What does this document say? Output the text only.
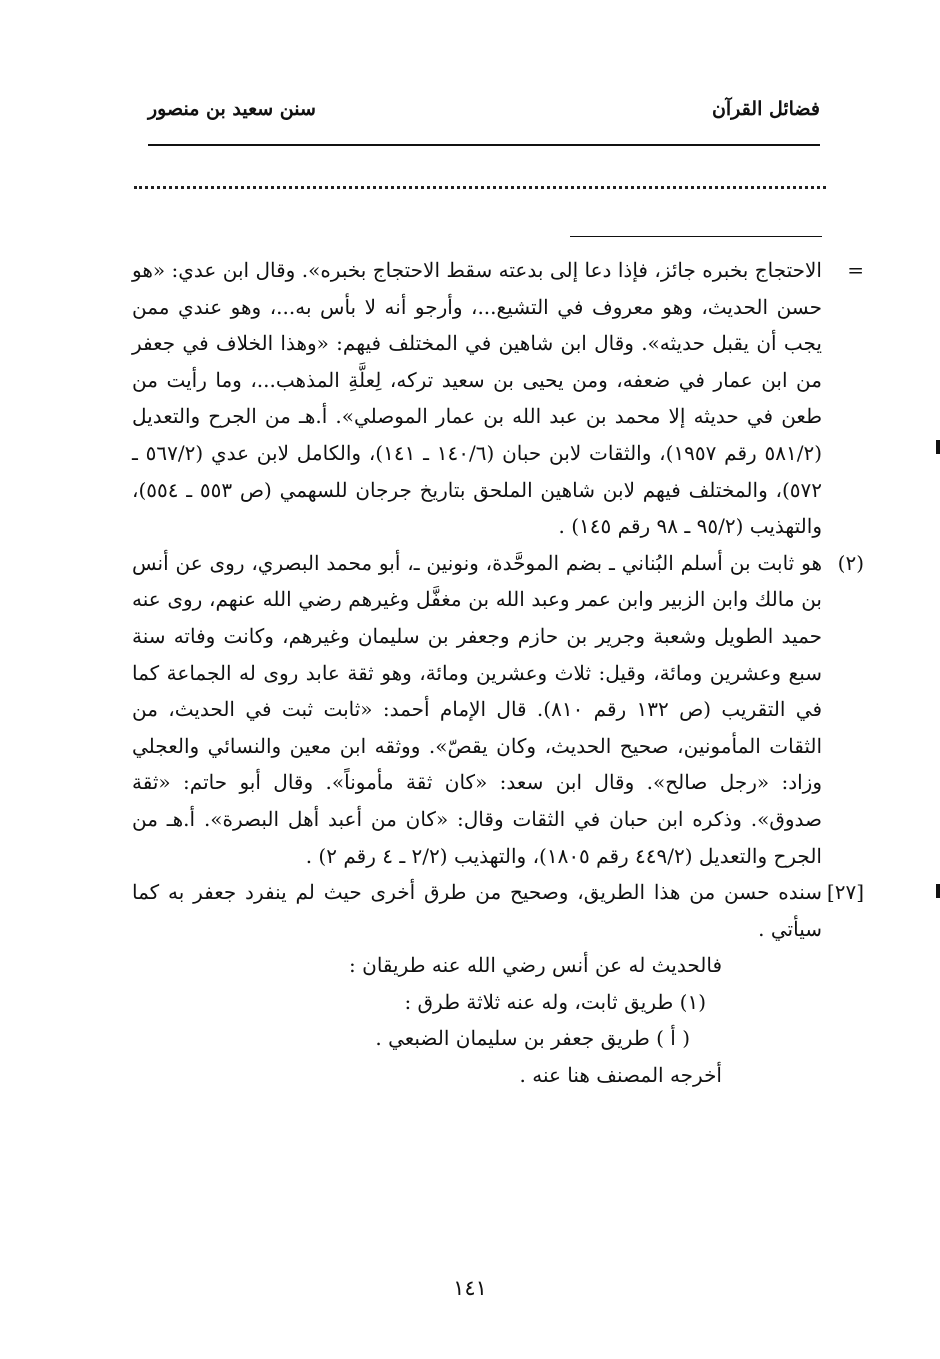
فضائل القرآن
سنن سعيد بن منصور

=
الاحتجاج بخبره جائز، فإذا دعا إلى بدعته سقط الاحتجاج بخبره». وقال ابن عدي: «هو حسن الحديث، وهو معروف في التشيع...، وأرجو أنه لا بأس به...، وهو عندي ممن يجب أن يقبل حديثه». وقال ابن شاهين في المختلف فيهم: «وهذا الخلاف في جعفر من ابن عمار في ضعفه، ومن يحيى بن سعيد تركه، لِعلَّةِ المذهب...، وما رأيت من طعن في حديثه إلا محمد بن عبد الله بن عمار الموصلي». أ.هـ من الجرح والتعديل (٥٨١/٢ رقم ١٩٥٧)، والثقات لابن حبان (١٤٠/٦ ـ ١٤١)، والكامل لابن عدي (٥٦٧/٢ ـ ٥٧٢)، والمختلف فيهم لابن شاهين الملحق بتاريخ جرجان للسهمي (ص ٥٥٣ ـ ٥٥٤)، والتهذيب (٩٥/٢ ـ ٩٨ رقم ١٤٥) .

(٢)
هو ثابت بن أسلم البُناني ـ بضم الموحَّدة، ونونين ـ، أبو محمد البصري، روى عن أنس بن مالك وابن الزبير وابن عمر وعبد الله بن مغفَّل وغيرهم رضي الله عنهم، روى عنه حميد الطويل وشعبة وجرير بن حازم وجعفر بن سليمان وغيرهم، وكانت وفاته سنة سبع وعشرين ومائة، وقيل: ثلاث وعشرين ومائة، وهو ثقة عابد روى له الجماعة كما في التقريب (ص ١٣٢ رقم ٨١٠). قال الإمام أحمد: «ثابت ثبت في الحديث، من الثقات المأمونين، صحيح الحديث، وكان يقصّ». ووثقه ابن معين والنسائي والعجلي وزاد: «رجل صالح». وقال ابن سعد: «كان ثقة مأموناً». وقال أبو حاتم: «ثقة صدوق». وذكره ابن حبان في الثقات وقال: «كان من أعبد أهل البصرة». أ.هـ من الجرح والتعديل (٤٤٩/٢ رقم ١٨٠٥)، والتهذيب (٢/٢ ـ ٤ رقم ٢) .

[٢٧]
سنده حسن من هذا الطريق، وصحيح من طرق أخرى حيث لم ينفرد جعفر به كما سيأتي .

فالحديث له عن أنس رضي الله عنه طريقان :

(١) طريق ثابت، وله عنه ثلاثة طرق :

( أ ) طريق جعفر بن سليمان الضبعي .

أخرجه المصنف هنا عنه .

١٤١
